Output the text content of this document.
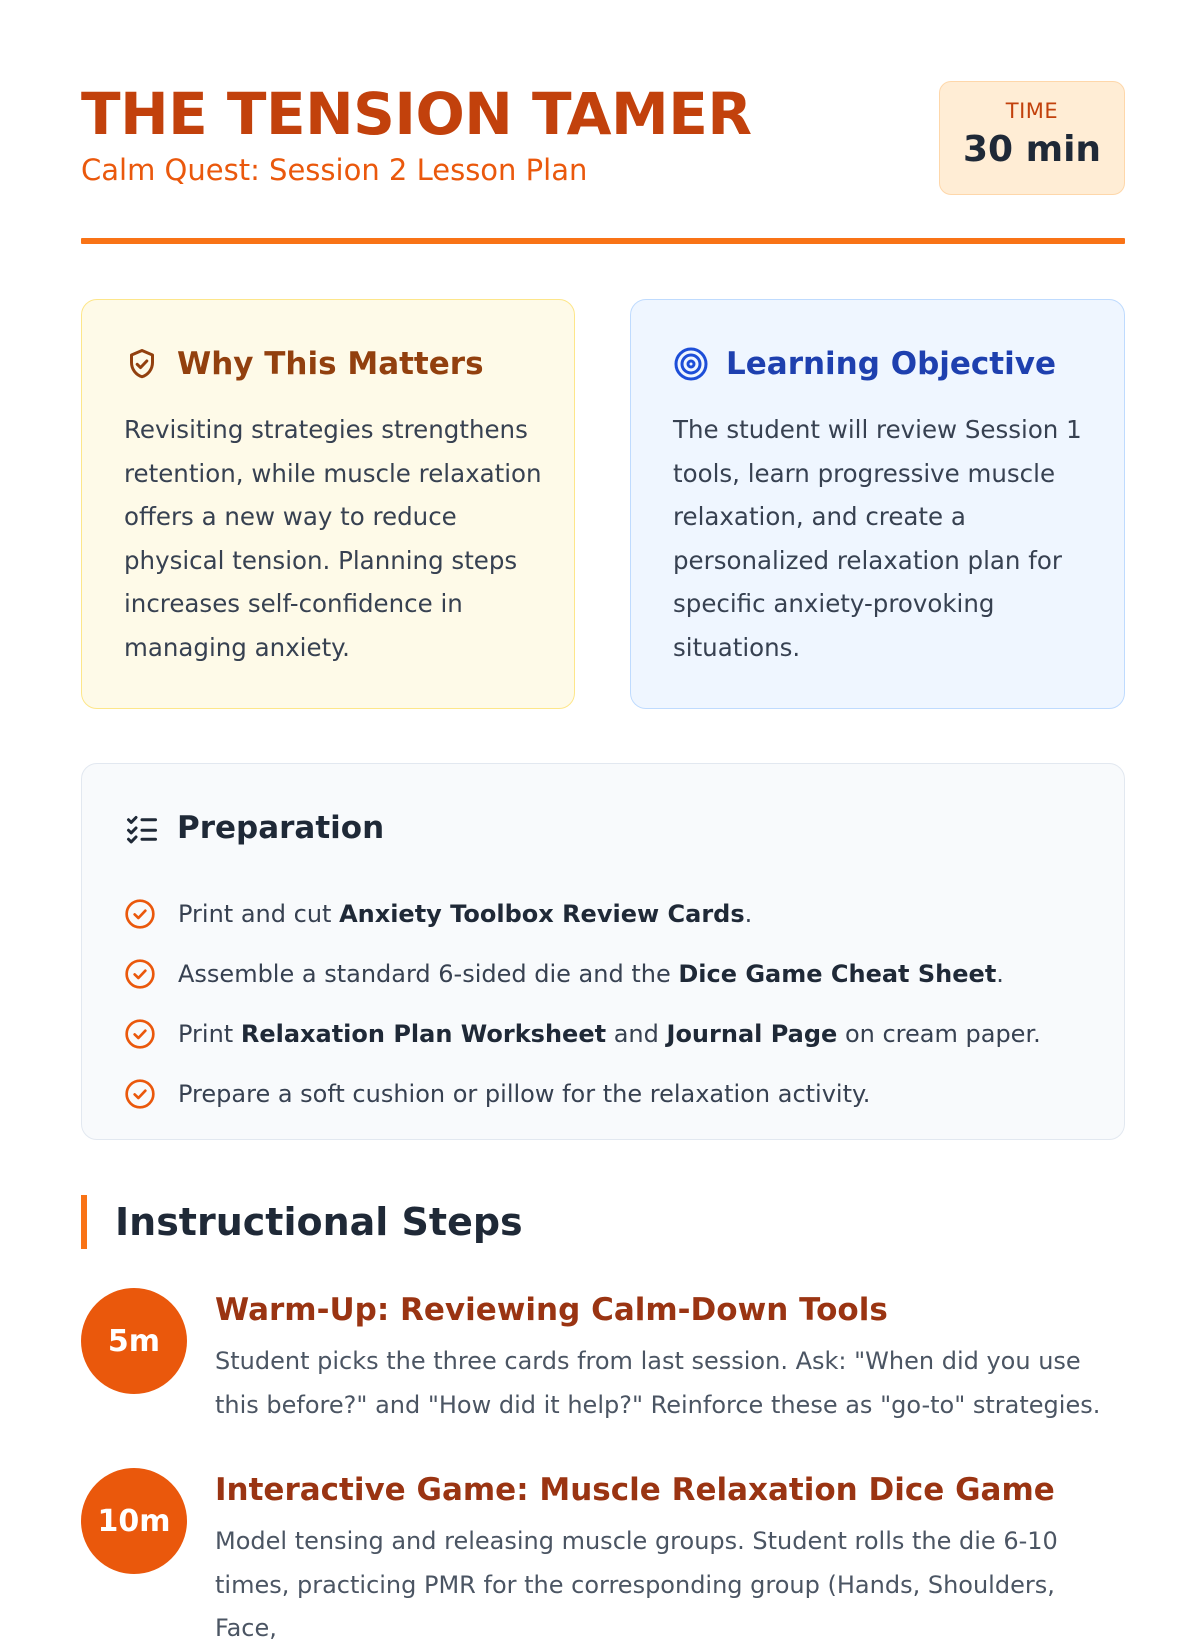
THE TENSION TAMER

Calm Quest: Session 2 Lesson Plan

TIME
30 min
Why This Matters

Revisiting strategies strengthens retention, while muscle relaxation offers a new way to reduce physical tension. Planning steps increases self-confidence in managing anxiety.

Learning Objective

The student will review Session 1 tools, learn progressive muscle relaxation, and create a personalized relaxation plan for specific anxiety-provoking situations.

Preparation
Print and cut Anxiety Toolbox Review Cards.
Assemble a standard 6-sided die and the Dice Game Cheat Sheet.
Print Relaxation Plan Worksheet and Journal Page on cream paper.
Prepare a soft cushion or pillow for the relaxation activity.
Instructional Steps
5m
Warm-Up: Reviewing Calm-Down Tools

Student picks the three cards from last session. Ask: "When did you use this before?" and "How did it help?" Reinforce these as "go-to" strategies.

10m
Interactive Game: Muscle Relaxation Dice Game

Model tensing and releasing muscle groups. Student rolls the die 6-10 times, practicing PMR for the corresponding group (Hands, Shoulders, Face,
